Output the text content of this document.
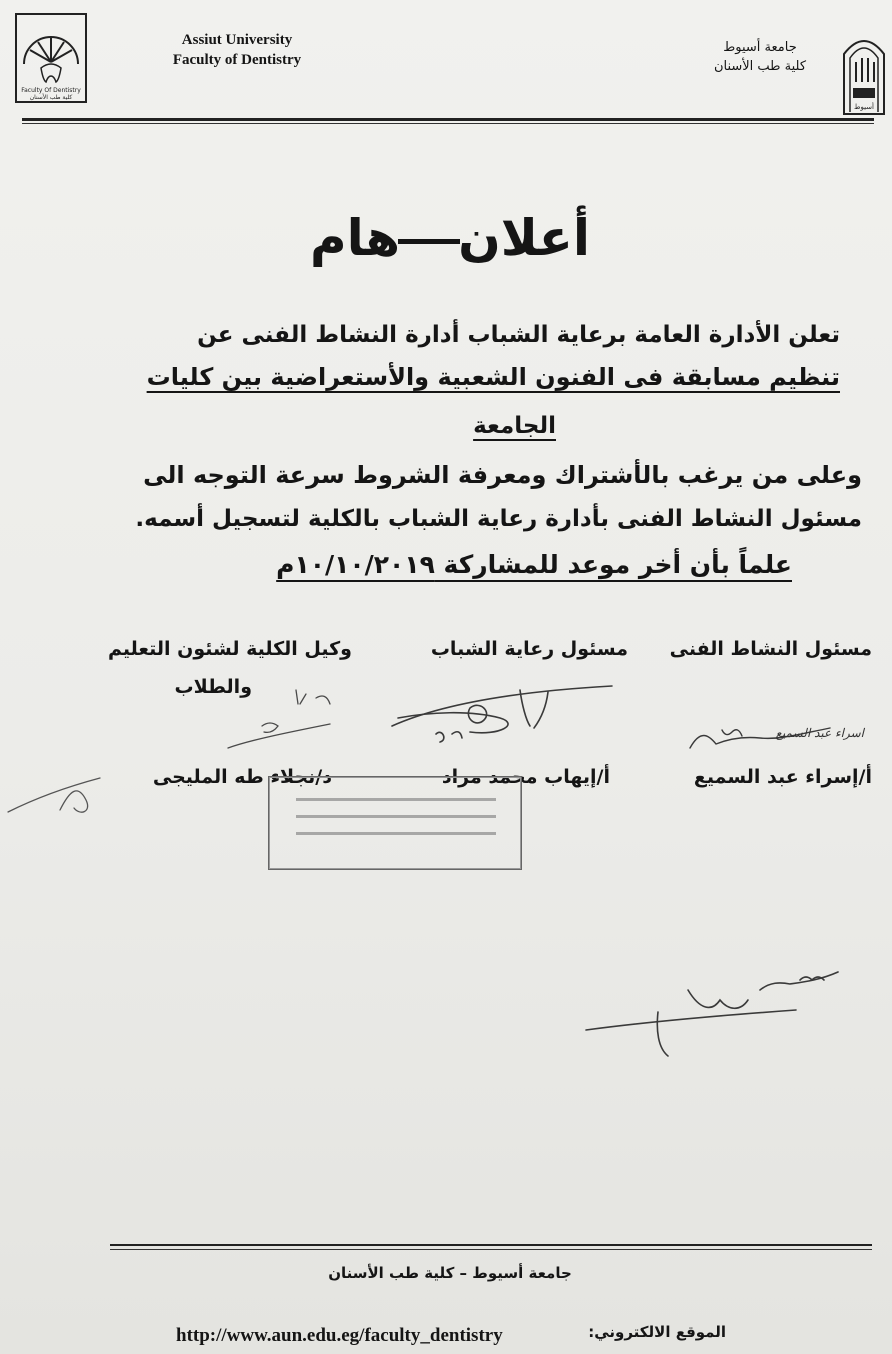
Faculty Of Dentistry
كلية طب الأسنان
Assiut University
Faculty of Dentistry
جامعة أسيوط
كلية طب الأسنان
أسيوط
أعلانهام
تعلن الأدارة العامة برعاية الشباب أدارة النشاط الفنى عن
تنظيم مسابقة فى الفنون الشعبية والأستعراضية بين كليات
الجامعة
وعلى من يرغب بالأشتراك ومعرفة الشروط سرعة التوجه الى
مسئول النشاط الفنى بأدارة رعاية الشباب بالكلية لتسجيل أسمه.
علماً بأن أخر موعد للمشاركة ١٠/١٠/٢٠١٩م
مسئول النشاط الفنى
مسئول رعاية الشباب
وكيل الكلية لشئون التعليم
والطلاب
أ/إسراء عبد السميع
أ/إيهاب محمد مراد
د/نجلاء طه المليجى
اسراء عبد السميع
جامعة أسيوط – كلية طب الأسنان
http://www.aun.edu.eg/faculty_dentistry	الموقع الالكتروني:
